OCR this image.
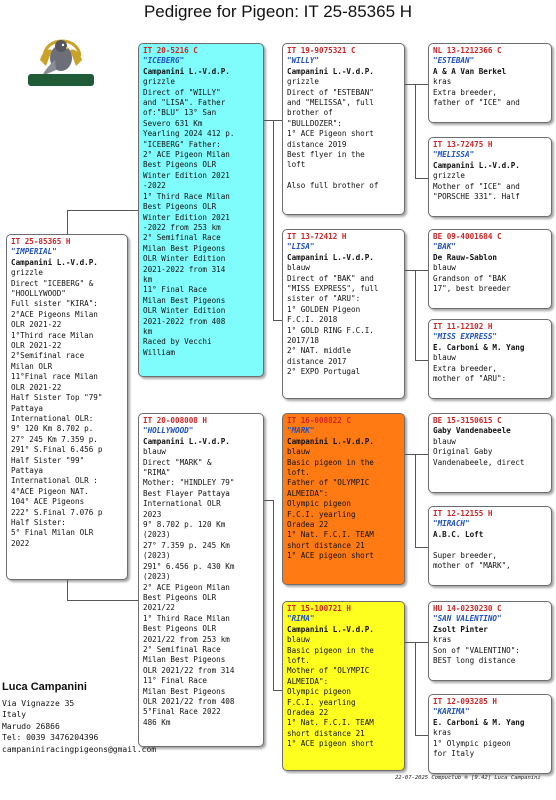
Pedigree for Pigeon: IT 25-85365 H
IT 25-85365 H
"IMPERIAL"
Campanini L.-V.d.P.
grizzle
Direct "ICEBERG" &
"HOOLLYWOOD"
Full sister "KIRA":
2°ACE Pigeons Milan
OLR 2021-22
1°Third race Milan
OLR 2021-22
2°Semifinal race
Milan OLR
11°Final race Milan
OLR 2021-22
Half Sister Top "79"
Pattaya
International OLR:
9° 120 Km 8.702 p.
27° 245 Km 7.359 p.
291° S.Final 6.456 p
Half Sister "99"
Pattaya
International OLR :
4°ACE Pigeon NAT.
104° ACE Pigeons
222° S.Final 7.076 p
Half Sister:
5° Final Milan OLR
2022
IT 20-5216 C
"ICEBERG"
Campanini L.-V.d.P.
grizzle
Direct of "WILLY"
and "LISA". Father
of:"BLU" 13° San
Severo 631 Km
Yearling 2024 412 p.
"ICEBERG" Father:
2° ACE Pigeon Milan
Best Pigeons OLR
Winter Edition 2021
-2022
1° Third Race Milan
Best Pigeons OLR
Winter Edition 2021
-2022 from 253 km
2° Semifinal Race
Milan Best Pigeons
OLR Winter Edition
2021-2022 from 314
km
11° Final Race
Milan Best Pigeons
OLR Winter Edition
2021-2022 from 408
km
Raced by Vecchi
William
IT 20-008008 H
"HOLLYWOOD"
Campanini L.-V.d.P.
blauw
Direct "MARK" &
"RIMA"
Mother: "HINDLEY 79"
Best Flayer Pattaya
International OLR
2023
9° 8.702 p. 120 Km
(2023)
27° 7.359 p. 245 Km
(2023)
291° 6.456 p. 430 Km
(2023)
2° ACE Pigeon Milan
Best Pigeons OLR
2021/22
1° Third Race Milan
Best Pigeons OLR
2021/22 from 253 km
2° Semifinal Race
Milan Best Pigeons
OLR 2021/22 from 314
11° Final Race
Milan Best Pigeons
OLR 2021/22 from 408
5°Final Race 2022
486 Km
IT 19-9075321 C
"WILLY"
Campanini L.-V.d.P.
grizzle
Direct of "ESTEBAN"
and "MELISSA", full
brother of
"BULLDOZER":
1° ACE Pigeon short
distance 2019
Best flyer in the
loft

Also full brother of
IT 13-72412 H
"LISA"
Campanini L.-V.d.P.
blauw
Direct of "BAK" and
"MISS EXPRESS", full
sister of "ARU":
1° GOLDEN Pigeon
F.C.I. 2018
1° GOLD RING F.C.I.
2017/18
2° NAT. middle
distance 2017
2° EXPO Portugal
IT 16-008822 C
"MARK"
Campanini L.-V.d.P.
blauw
Basic pigeon in the
loft.
Father of "OLYMPIC
ALMEIDA":
Olympic pigeon
F.C.I. yearling
Oradea 22
1° Nat. F.C.I. TEAM
short distance 21
1° ACE pigeon short
IT 15-100721 H
"RIMA"
Campanini L.-V.d.P.
blauw
Basic pigeon in the
loft.
Mother of "OLYMPIC
ALMEIDA":
Olympic pigeon
F.C.I. yearling
Oradea 22
1° Nat. F.C.I. TEAM
short distance 21
1° ACE pigeon short
NL 13-1212366 C
"ESTEBAN"
A & A Van Berkel
kras
Extra breeder,
father of "ICE" and
IT 13-72475 H
"MELISSA"
Campanini L.-V.d.P.
grizzle
Mother of "ICE" and
"PORSCHE 331". Half
BE 09-4001684 C
"BAK"
De Rauw-Sablon
blauw
Grandson of "BAK
17", best breeder
IT 11-12102 H
"MISS EXPRESS"
E. Carboni & M. Yang
blauw
Extra breeder,
mother of "ARU":
BE 15-3150615 C
Gaby Vandenabeele
blauw
Original Gaby
Vandenabeele, direct
IT 12-12155 H
"MIRACH"
A.B.C. Loft

Super breeder,
mother of "MARK",
HU 14-0230230 C
"SAN VALENTINO"
Zsolt Pinter
kras
Son of "VALENTINO":
BEST long distance
IT 12-093285 H
"KARIMA"
E. Carboni & M. Yang
kras
1° Olympic pigeon
for Italy
Luca Campanini
Via Vignazze 35
Italy
Marudo 26866
Tel: 0039 3476204396
campaniniracingpigeons@gmail.com
22-07-2025 Compuclub ® [9.42] Luca Campanini
